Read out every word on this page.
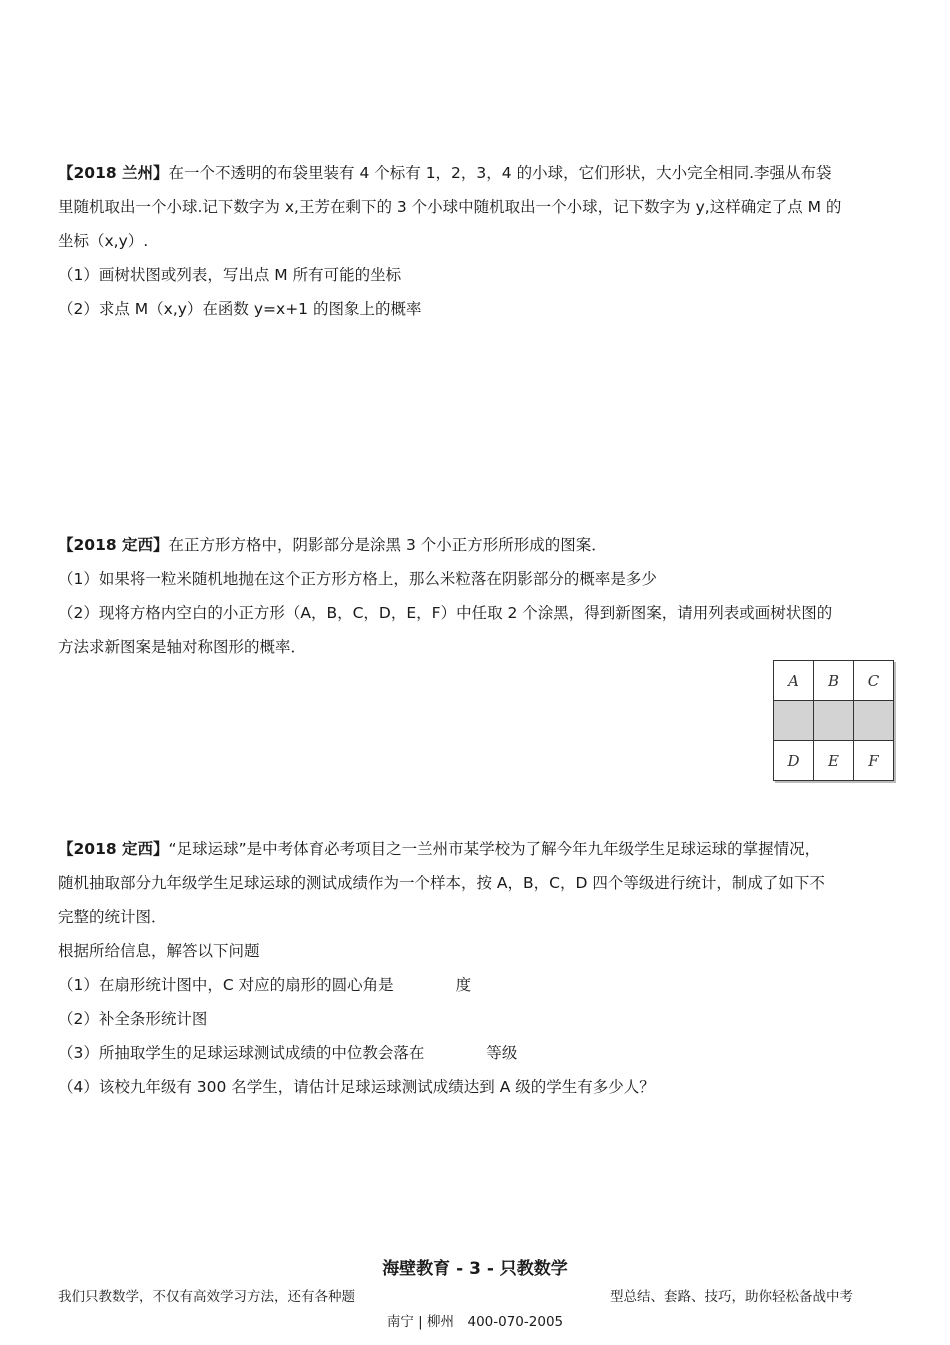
【2018 兰州】在一个不透明的布袋里装有 4 个标有 1，2，3，4 的小球，它们形状，大小完全相同.李强从布袋
里随机取出一个小球.记下数字为 x,王芳在剩下的 3 个小球中随机取出一个小球，记下数字为 y,这样确定了点 M 的
坐标（x,y）.
（1）画树状图或列表，写出点 M 所有可能的坐标
（2）求点 M（x,y）在函数 y=x+1 的图象上的概率
【2018 定西】在正方形方格中，阴影部分是涂黑 3 个小正方形所形成的图案．
（1）如果将一粒米随机地抛在这个正方形方格上，那么米粒落在阴影部分的概率是多少
（2）现将方格内空白的小正方形（A，B，C，D，E，F）中任取 2 个涂黑，得到新图案，请用列表或画树状图的
方法求新图案是轴对称图形的概率．
A	B	C
D	E	F
【2018 定西】“足球运球”是中考体育必考项目之一兰州市某学校为了解今年九年级学生足球运球的掌握情况，
随机抽取部分九年级学生足球运球的测试成绩作为一个样本，按 A，B，C，D 四个等级进行统计，制成了如下不
完整的统计图．
根据所给信息，解答以下问题
（1）在扇形统计图中，C 对应的扇形的圆心角是　　　　度
（2）补全条形统计图
（3）所抽取学生的足球运球测试成绩的中位教会落在　　　　等级
（4）该校九年级有 300 名学生，请估计足球运球测试成绩达到 A 级的学生有多少人？
海壁教育 - 3 - 只教数学
我们只教数学，不仅有高效学习方法，还有各种题	型总结、套路、技巧，助你轻松备战中考
南宁 | 柳州　400-070-2005
